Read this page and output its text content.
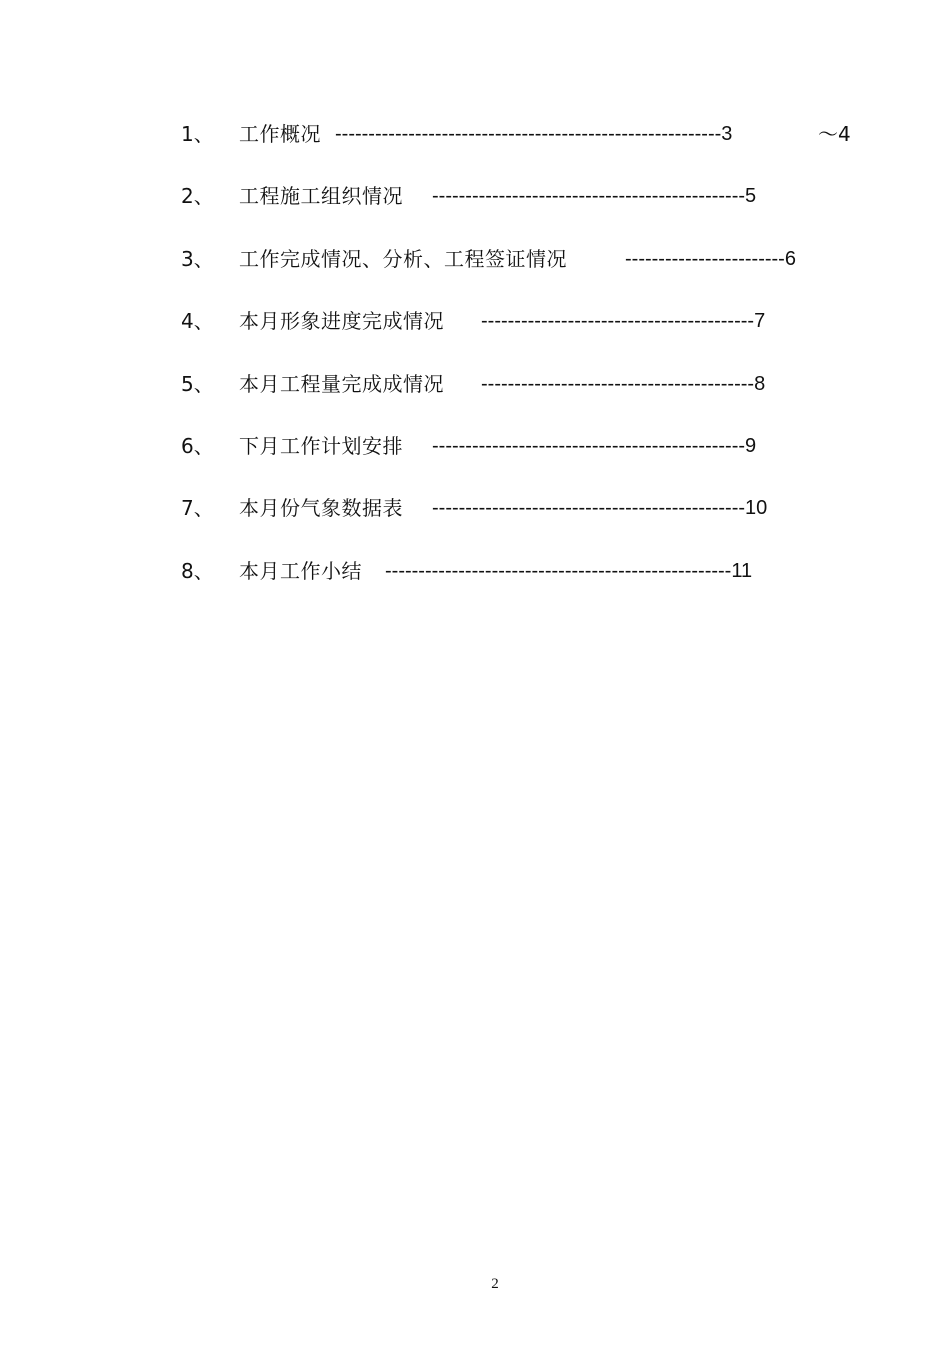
1、 工作概况 ----------------------------------------------------------3	～4
2、 工程施工组织情况 -----------------------------------------------5
3、 工作完成情况、分析、工程签证情况	------------------------6
4、 本月形象进度完成情况 -----------------------------------------7
5、 本月工程量完成成情况 -----------------------------------------8
6、 下月工作计划安排 -----------------------------------------------9
7、 本月份气象数据表 -----------------------------------------------10
8、 本月工作小结 ----------------------------------------------------11
2
